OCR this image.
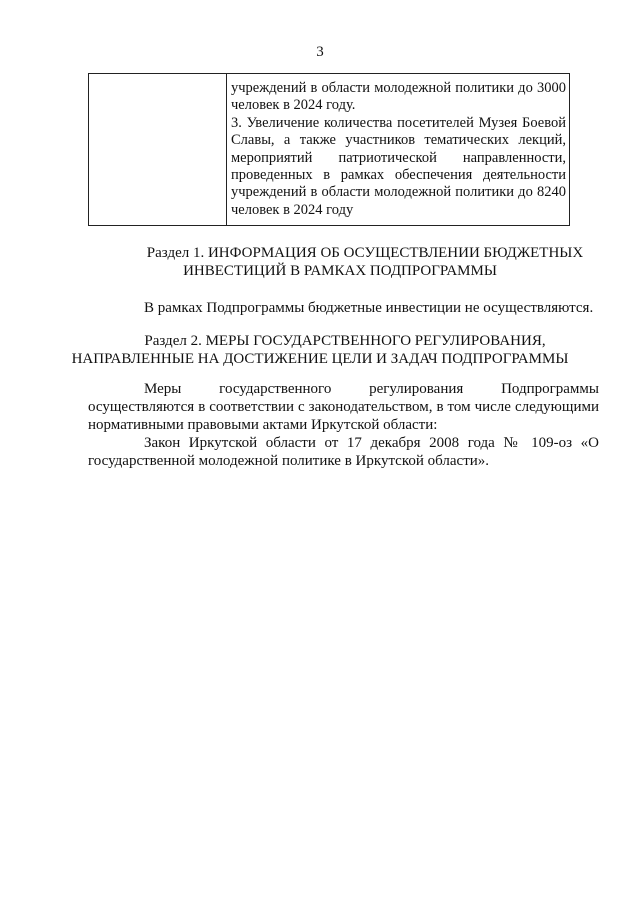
3

учреждений в области молодежной политики до 3000 человек в 2024 году.

3. Увеличение количества посетителей Музея Боевой Славы, а также участников тематических лекций, мероприятий патриотической направленности, проведенных в рамках обеспечения деятельности учреждений в области молодежной политики до 8240 человек в 2024 году

Раздел 1. ИНФОРМАЦИЯ ОБ ОСУЩЕСТВЛЕНИИ БЮДЖЕТНЫХ
ИНВЕСТИЦИЙ В РАМКАХ ПОДПРОГРАММЫ

В рамках Подпрограммы бюджетные инвестиции не осуществляются.

Раздел 2. МЕРЫ ГОСУДАРСТВЕННОГО РЕГУЛИРОВАНИЯ,
НАПРАВЛЕННЫЕ НА ДОСТИЖЕНИЕ ЦЕЛИ И ЗАДАЧ ПОДПРОГРАММЫ

Меры государственного регулирования Подпрограммы осуществляются в соответствии с законодательством, в том числе следующими нормативными правовыми актами Иркутской области:

Закон Иркутской области от 17 декабря 2008 года № 109-оз «О государственной молодежной политике в Иркутской области».
